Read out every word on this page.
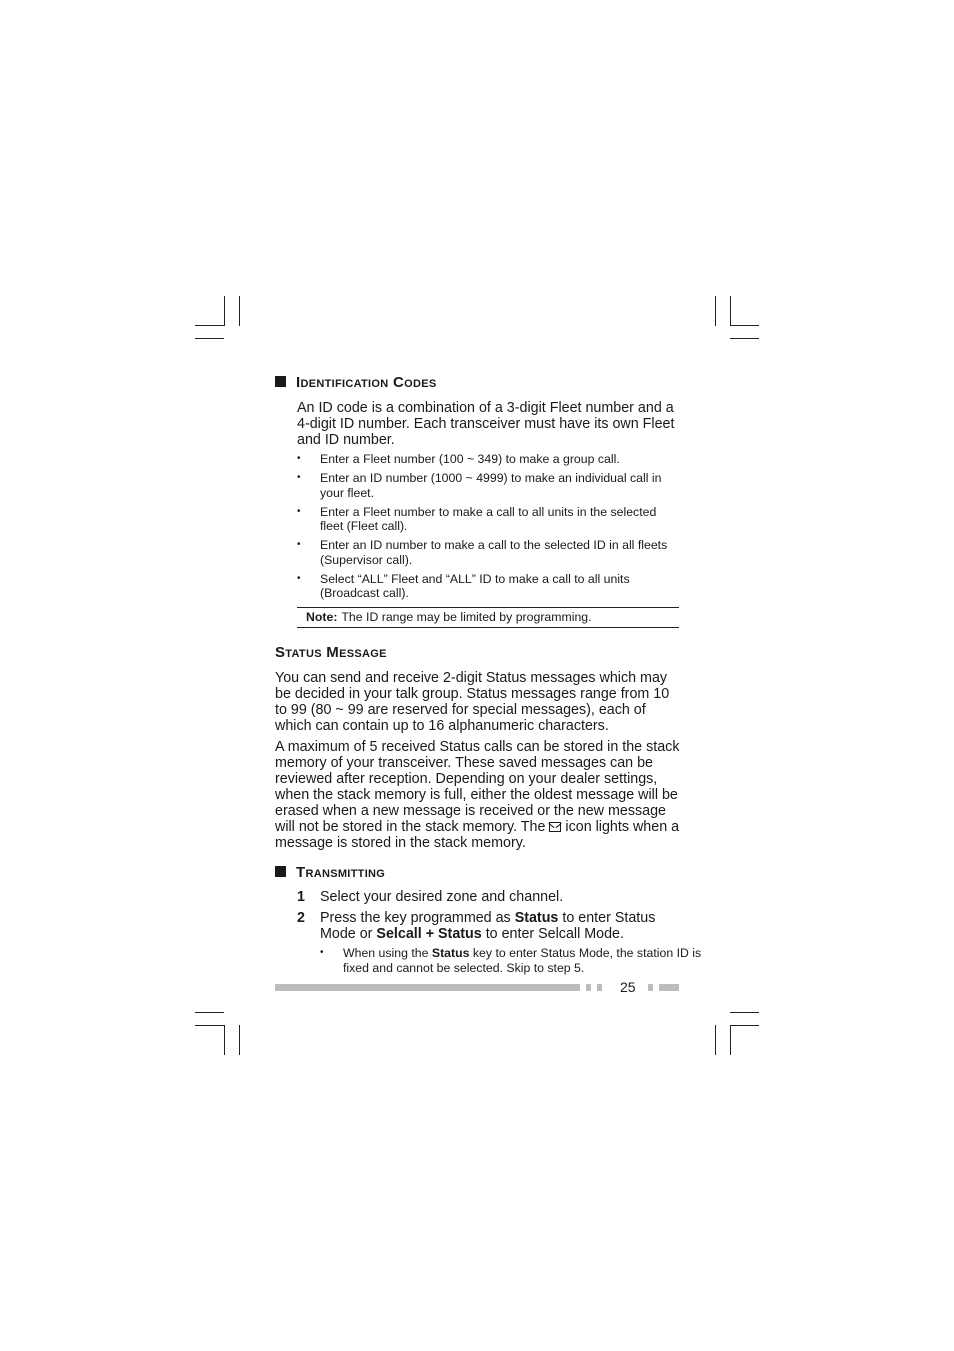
Identification Codes
An ID code is a combination of a 3-digit Fleet number and a 4-digit ID number. Each transceiver must have its own Fleet and ID number.
• Enter a Fleet number (100 ~ 349) to make a group call.
• Enter an ID number (1000 ~ 4999) to make an individual call in your fleet.
• Enter a Fleet number to make a call to all units in the selected fleet (Fleet call).
• Enter an ID number to make a call to the selected ID in all fleets (Supervisor call).
• Select “ALL” Fleet and “ALL” ID to make a call to all units (Broadcast call).
Note: The ID range may be limited by programming.
Status Message
You can send and receive 2-digit Status messages which may be decided in your talk group. Status messages range from 10 to 99 (80 ~ 99 are reserved for special messages), each of which can contain up to 16 alphanumeric characters.
A maximum of 5 received Status calls can be stored in the stack memory of your transceiver. These saved messages can be reviewed after reception. Depending on your dealer settings, when the stack memory is full, either the oldest message will be erased when a new message is received or the new message will not be stored in the stack memory. The icon lights when a message is stored in the stack memory.
Transmitting
1 Select your desired zone and channel.
2 Press the key programmed as Status to enter Status Mode or Selcall + Status to enter Selcall Mode.
• When using the Status key to enter Status Mode, the station ID is fixed and cannot be selected. Skip to step 5.
25
